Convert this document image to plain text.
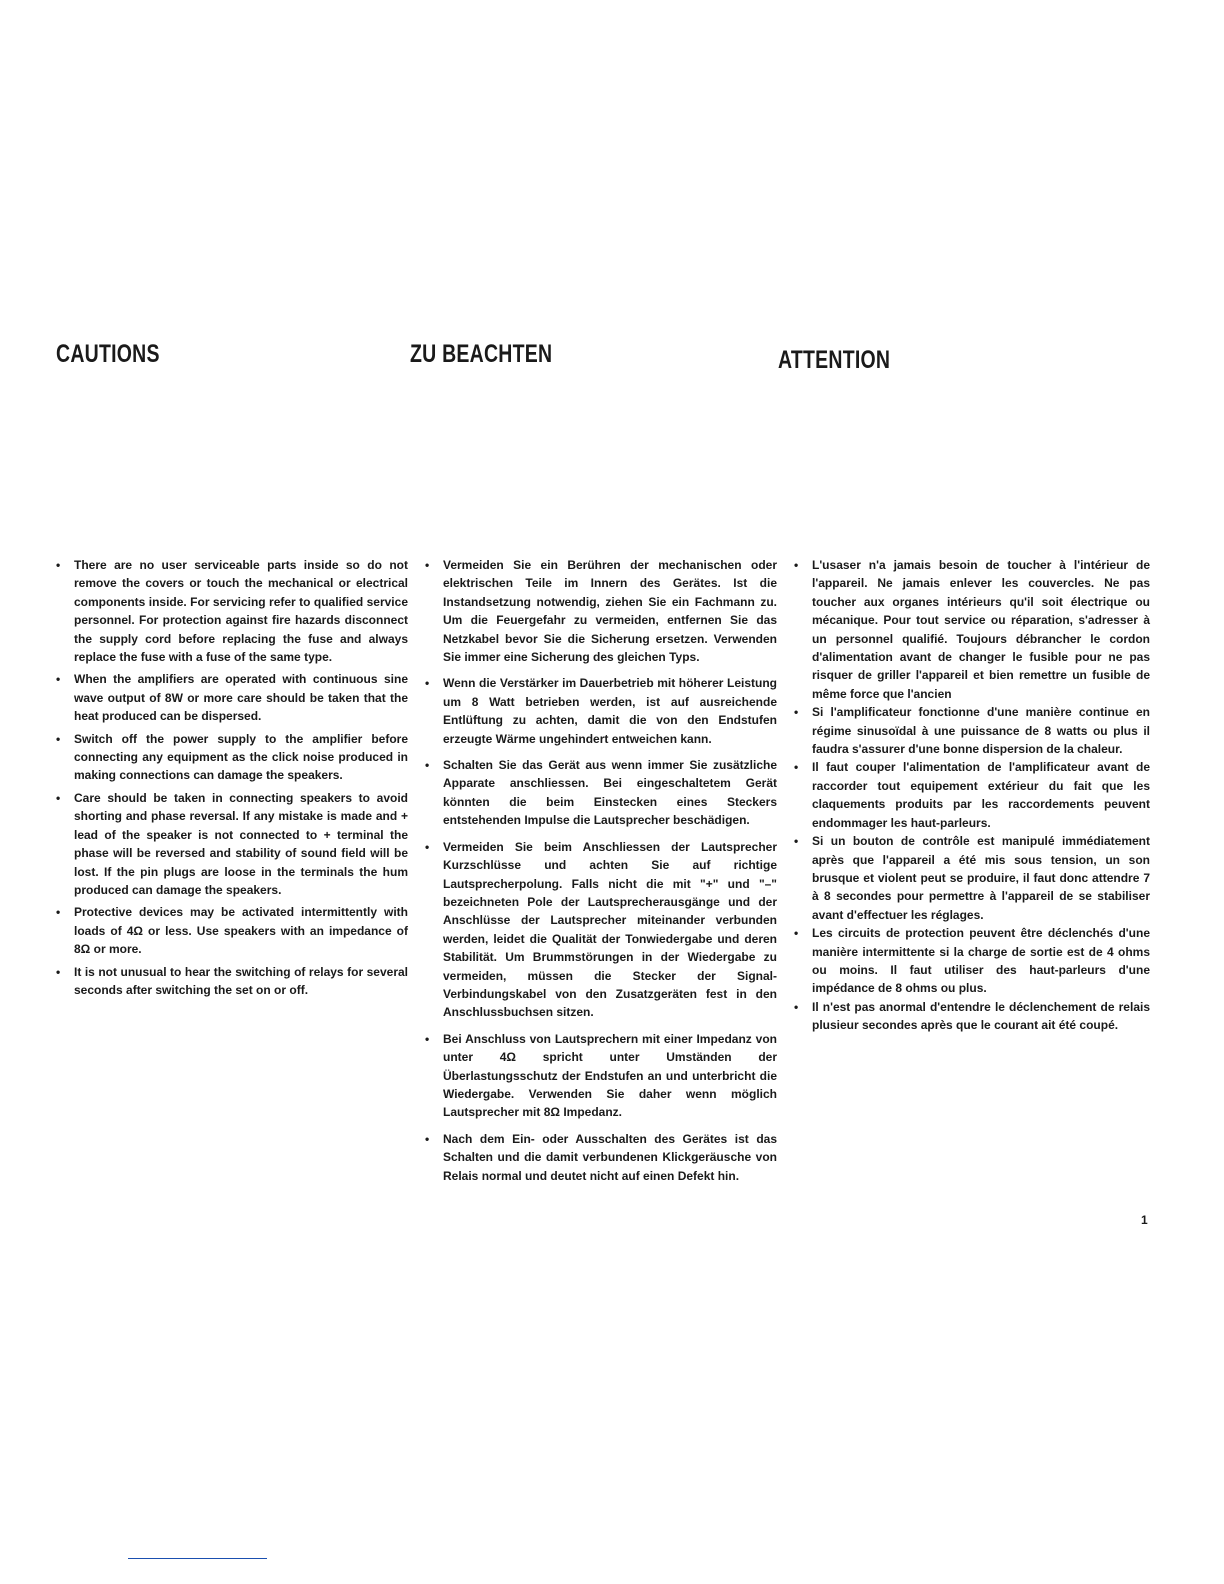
CAUTIONS	ZU BEACHTEN	ATTENTION
•	There are no user serviceable parts inside so do not remove the covers or touch the mechanical or electrical components inside. For servicing refer to qualified service personnel. For protection against fire hazards disconnect the supply cord before replacing the fuse and always replace the fuse with a fuse of the same type.
•	When the amplifiers are operated with continuous sine wave output of 8W or more care should be taken that the heat produced can be dispersed.
•	Switch off the power supply to the amplifier before connecting any equipment as the click noise produced in making connections can damage the speakers.
•	Care should be taken in connecting speakers to avoid shorting and phase reversal. If any mistake is made and + lead of the speaker is not connected to + terminal the phase will be reversed and stability of sound field will be lost. If the pin plugs are loose in the terminals the hum produced can damage the speakers.
•	Protective devices may be activated intermittently with loads of 4Ω or less. Use speakers with an impedance of 8Ω or more.
•	It is not unusual to hear the switching of relays for several seconds after switching the set on or off.
•	Vermeiden Sie ein Berühren der mechanischen oder elektrischen Teile im Innern des Gerätes. Ist die Instandsetzung notwendig, ziehen Sie ein Fachmann zu. Um die Feuergefahr zu vermeiden, entfernen Sie das Netzkabel bevor Sie die Sicherung ersetzen. Verwenden Sie immer eine Sicherung des gleichen Typs.
•	Wenn die Verstärker im Dauerbetrieb mit höherer Leistung um 8 Watt betrieben werden, ist auf ausreichende Entlüftung zu achten, damit die von den Endstufen erzeugte Wärme ungehindert entweichen kann.
•	Schalten Sie das Gerät aus wenn immer Sie zusätzliche Apparate anschliessen. Bei eingeschaltetem Gerät könnten die beim Einstecken eines Steckers entstehenden Impulse die Lautsprecher beschädigen.
•	Vermeiden Sie beim Anschliessen der Lautsprecher Kurzschlüsse und achten Sie auf richtige Lautsprecherpolung. Falls nicht die mit "+" und "–" bezeichneten Pole der Lautsprecherausgänge und der Anschlüsse der Lautsprecher miteinander verbunden werden, leidet die Qualität der Tonwiedergabe und deren Stabilität. Um Brummstörungen in der Wiedergabe zu vermeiden, müssen die Stecker der Signal-Verbindungskabel von den Zusatzgeräten fest in den Anschlussbuchsen sitzen.
•	Bei Anschluss von Lautsprechern mit einer Impedanz von unter 4Ω spricht unter Umständen der Überlastungsschutz der Endstufen an und unterbricht die Wiedergabe. Verwenden Sie daher wenn möglich Lautsprecher mit 8Ω Impedanz.
•	Nach dem Ein- oder Ausschalten des Gerätes ist das Schalten und die damit verbundenen Klickgeräusche von Relais normal und deutet nicht auf einen Defekt hin.
•	L'usaser n'a jamais besoin de toucher à l'intérieur de l'appareil. Ne jamais enlever les couvercles. Ne pas toucher aux organes intérieurs qu'il soit électrique ou mécanique. Pour tout service ou réparation, s'adresser à un personnel qualifié. Toujours débrancher le cordon d'alimentation avant de changer le fusible pour ne pas risquer de griller l'appareil et bien remettre un fusible de même force que l'ancien
•	Si l'amplificateur fonctionne d'une manière continue en régime sinusoïdal à une puissance de 8 watts ou plus il faudra s'assurer d'une bonne dispersion de la chaleur.
•	Il faut couper l'alimentation de l'amplificateur avant de raccorder tout equipement extérieur du fait que les claquements produits par les raccordements peuvent endommager les haut-parleurs.
•	Si un bouton de contrôle est manipulé immédiatement après que l'appareil a été mis sous tension, un son brusque et violent peut se produire, il faut donc attendre 7 à 8 secondes pour permettre à l'appareil de se stabiliser avant d'effectuer les réglages.
•	Les circuits de protection peuvent être déclenchés d'une manière intermittente si la charge de sortie est de 4 ohms ou moins. Il faut utiliser des haut-parleurs d'une impédance de 8 ohms ou plus.
•	Il n'est pas anormal d'entendre le déclenchement de relais plusieur secondes après que le courant ait été coupé.
1
